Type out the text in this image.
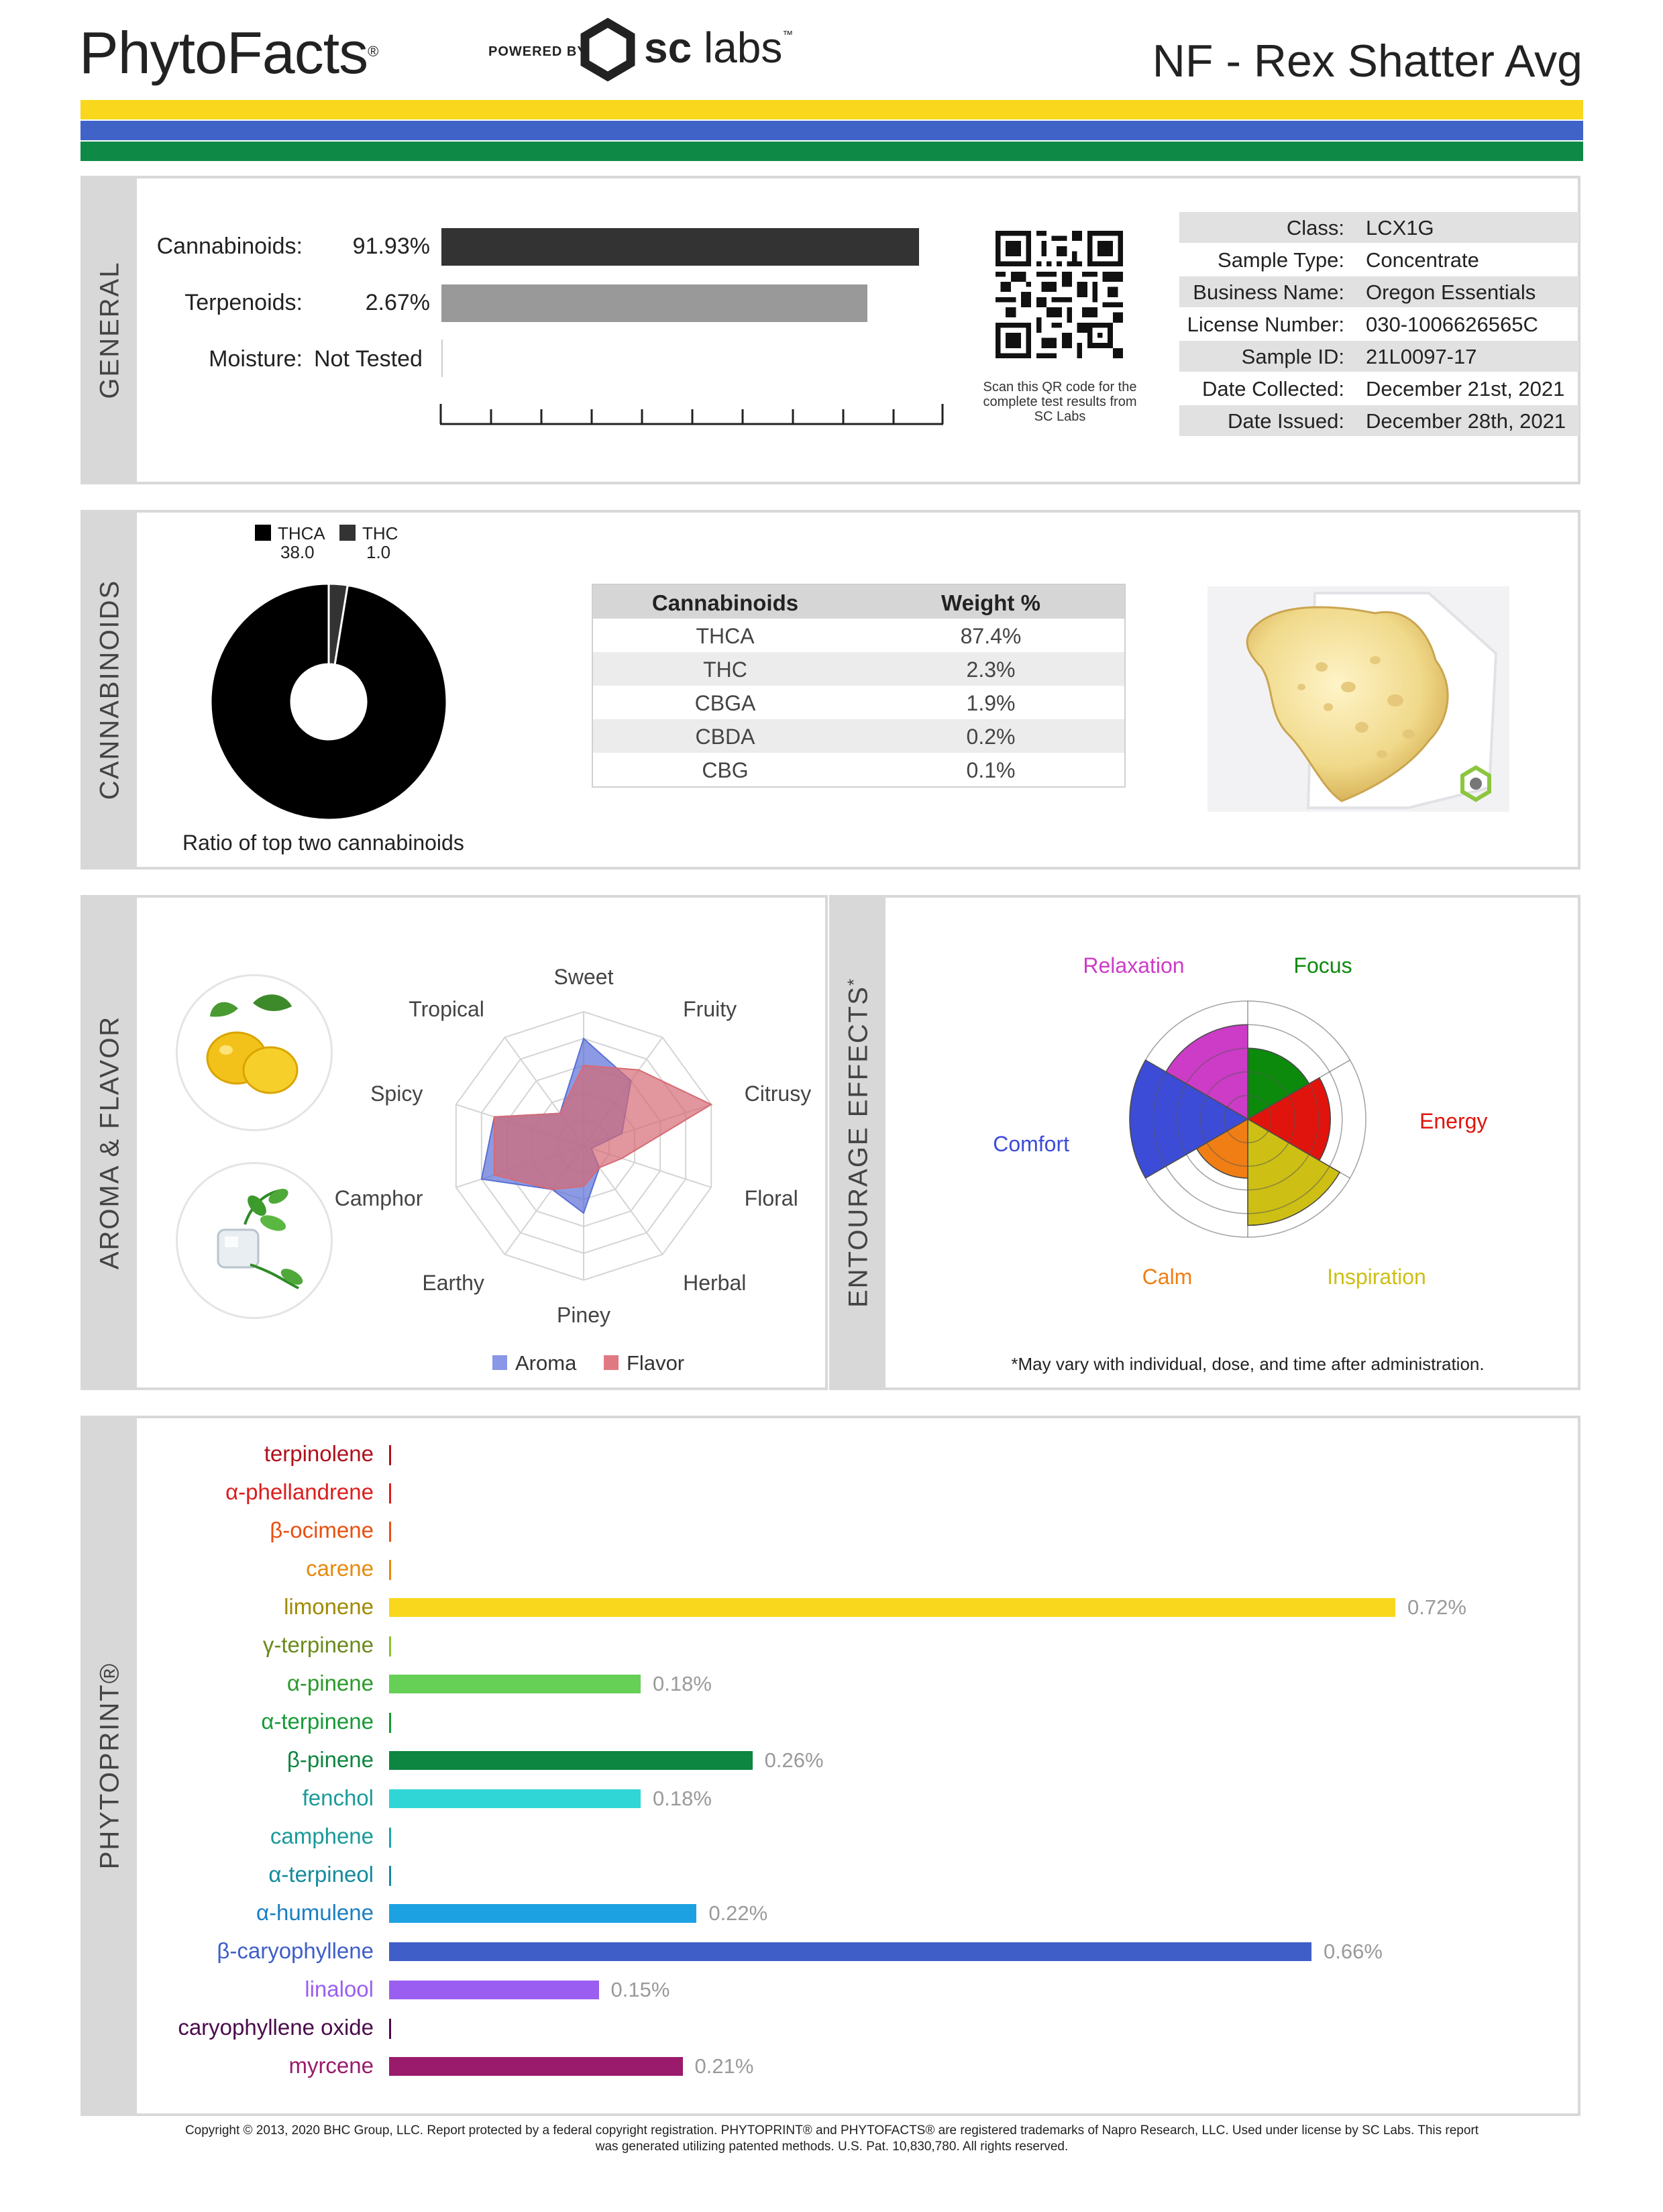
PhytoFacts®	POWERED BY sc labs™
NF - Rex Shatter Avg
GENERAL
Cannabinoids: 91.93%
Terpenoids:	2.67%
Moisture: Not Tested
Scan this QR code for the complete test results from SC Labs
Class: LCX1G
Sample Type: Concentrate
Business Name: Oregon Essentials
License Number: 030-1006626565C
Sample ID: 21L0097-17
Date Collected: December 21st, 2021
Date Issued: December 28th, 2021
CANNABINOIDS
THCA
38.0
THC
1.0
Ratio of top two cannabinoids
Cannabinoids	Weight %
THCA	87.4%
THC	2.3%
CBGA	1.9%
CBDA	0.2%
CBG	0.1%
AROMA & FLAVOR
Sweet
Fruity
Citrusy
Floral
Herbal
Piney
Earthy
Camphor
Spicy
Tropical
Aroma Flavor
ENTOURAGE EFFECTS*
Relaxation	Focus
Energy
Inspiration
Calm
Comfort
*May vary with individual, dose, and time after administration.
PHYTOPRINT®
Copyright © 2013, 2020 BHC Group, LLC. Report protected by a federal copyright registration. PHYTOPRINT® and PHYTOFACTS® are registered trademarks of Napro Research, LLC. Used under license by SC Labs. This report
was generated utilizing patented methods. U.S. Pat. 10,830,780. All rights reserved.
terpinolene
α-phellandrene
β-ocimene
carene
limonene	0.72%
γ-terpinene
α-pinene	0.18%
α-terpinene
β-pinene	0.26%
fenchol	0.18%
camphene
α-terpineol
α-humulene	0.22%
β-caryophyllene	0.66%
linalool	0.15%
caryophyllene oxide
myrcene	0.21%
